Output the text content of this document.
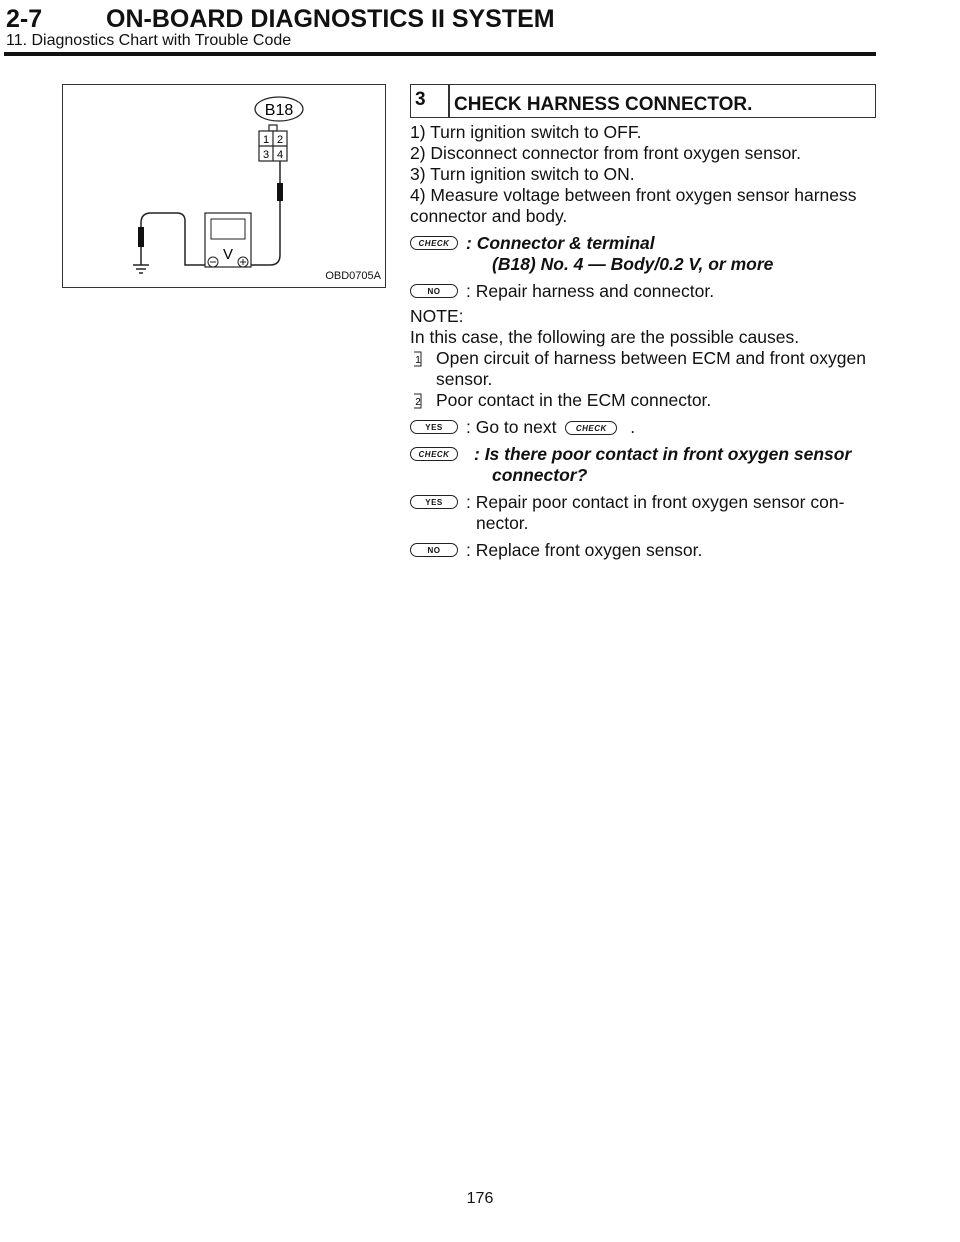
2-7	ON-BOARD DIAGNOSTICS II SYSTEM
11. Diagnostics Chart with Trouble Code
B18
1 2
3 4
V
OBD0705A
3 CHECK HARNESS CONNECTOR.
1) Turn ignition switch to OFF.
2) Disconnect connector from front oxygen sensor.
3) Turn ignition switch to ON.
4) Measure voltage between front oxygen sensor harness
connector and body.
CHECK : Connector & terminal
(B18) No. 4 — Body/0.2 V, or more
NO	: Repair harness and connector.
NOTE:
In this case, the following are the possible causes.
1 Open circuit of harness between ECM and front oxygen
sensor.
2 Poor contact in the ECM connector.
YES	: Go to next CHECK .
CHECK	: Is there poor contact in front oxygen sensor
connector?
YES	: Repair poor contact in front oxygen sensor con-
nector.
NO	: Replace front oxygen sensor.
176
